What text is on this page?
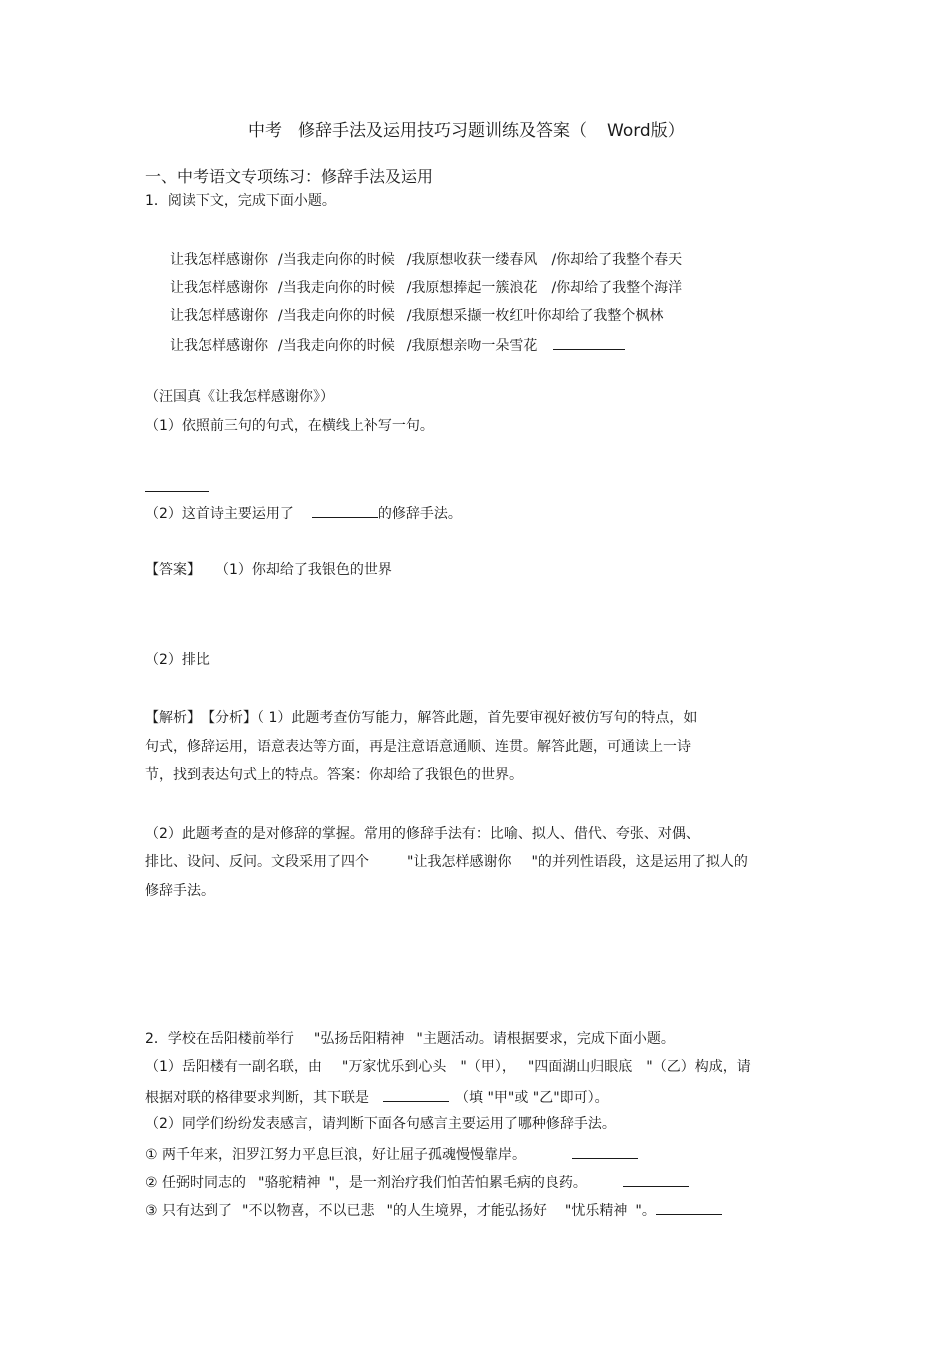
中考 修辞手法及运用技巧习题训练及答案（ Word版）
一、中考语文专项练习：修辞手法及运用
1．阅读下文，完成下面小题。
让我怎样感谢你 /当我走向你的时候 /我原想收获一缕春风 /你却给了我整个春天
让我怎样感谢你 /当我走向你的时候 /我原想捧起一簇浪花 /你却给了我整个海洋
让我怎样感谢你 /当我走向你的时候 /我原想采撷一枚红叶你却给了我整个枫林
让我怎样感谢你 /当我走向你的时候 /我原想亲吻一朵雪花
（汪国真《让我怎样感谢你》）
（1）依照前三句的句式，在横线上补写一句。
（2）这首诗主要运用了	的修辞手法。
【答案】 （1）你却给了我银色的世界
（2）排比
【解析】　【分析】（ 1）此题考查仿写能力，解答此题，首先要审视好被仿写句的特点，如
句式，修辞运用，语意表达等方面，再是注意语意通顺、连贯。解答此题，可通读上一诗
节，找到表达句式上的特点。答案：你却给了我银色的世界。
（2）此题考查的是对修辞的掌握。常用的修辞手法有：比喻、拟人、借代、夸张、对偶、
排比、设问、反问。文段采用了四个	"让我怎样感谢你 "的并列性语段，这是运用了拟人的
修辞手法。
2．学校在岳阳楼前举行 "弘扬岳阳精神 "主题活动。请根据要求，完成下面小题。
（1）岳阳楼有一副名联，由 "万家忧乐到心头 "（甲）， "四面湖山归眼底 "（乙）构成，请
根据对联的格律要求判断，其下联是	（填 "甲"或 "乙"即可）。
（2）同学们纷纷发表感言，请判断下面各句感言主要运用了哪种修辞手法。
① 两千年来，汨罗江努力平息巨浪，好让屈子孤魂慢慢靠岸。
② 任弼时同志的 "骆驼精神 "，是一剂治疗我们怕苦怕累毛病的良药。
③ 只有达到了 "不以物喜，不以已悲 "的人生境界，才能弘扬好 "忧乐精神 "。
